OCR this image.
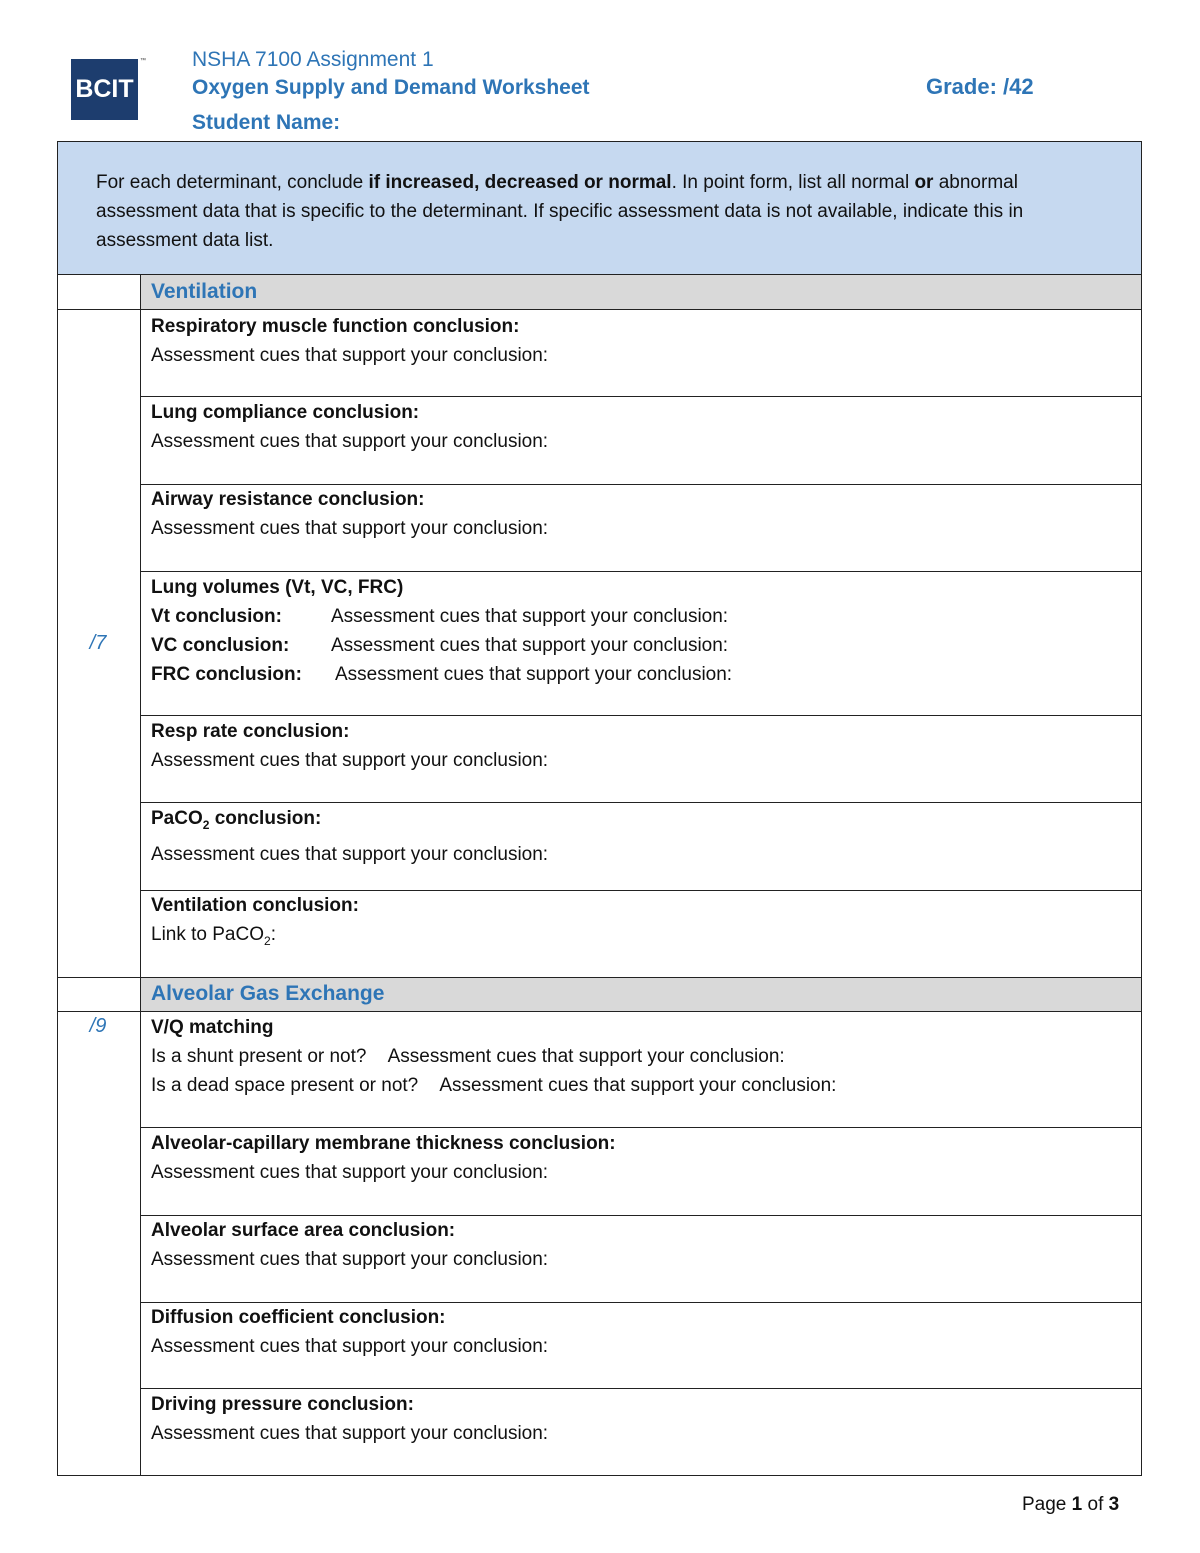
BCIT
™ NSHA 7100 Assignment 1
Oxygen Supply and Demand Worksheet
Student Name:
Grade: /42
For each determinant, conclude if increased, decreased or normal. In point form, list all normal or abnormal assessment data that is specific to the determinant. If specific assessment data is not available, indicate this in assessment data list.
Ventilation
/7
Respiratory muscle function conclusion:
Assessment cues that support your conclusion:
Lung compliance conclusion:
Assessment cues that support your conclusion:
Airway resistance conclusion:
Assessment cues that support your conclusion:
Lung volumes (Vt, VC, FRC)
Vt conclusion:	Assessment cues that support your conclusion:
VC conclusion: Assessment cues that support your conclusion:
FRC conclusion: Assessment cues that support your conclusion:
Resp rate conclusion:
Assessment cues that support your conclusion:
PaCO$_2$ conclusion:
Assessment cues that support your conclusion:
Ventilation conclusion:
Link to PaCO$_2$:
Alveolar Gas Exchange
/9	V/Q matching
Is a shunt present or not? Assessment cues that support your conclusion:
Is a dead space present or not? Assessment cues that support your conclusion:
Alveolar-capillary membrane thickness conclusion:
Assessment cues that support your conclusion:
Alveolar surface area conclusion:
Assessment cues that support your conclusion:
Diffusion coefficient conclusion:
Assessment cues that support your conclusion:
Driving pressure conclusion:
Assessment cues that support your conclusion:
Page 1 of 3
